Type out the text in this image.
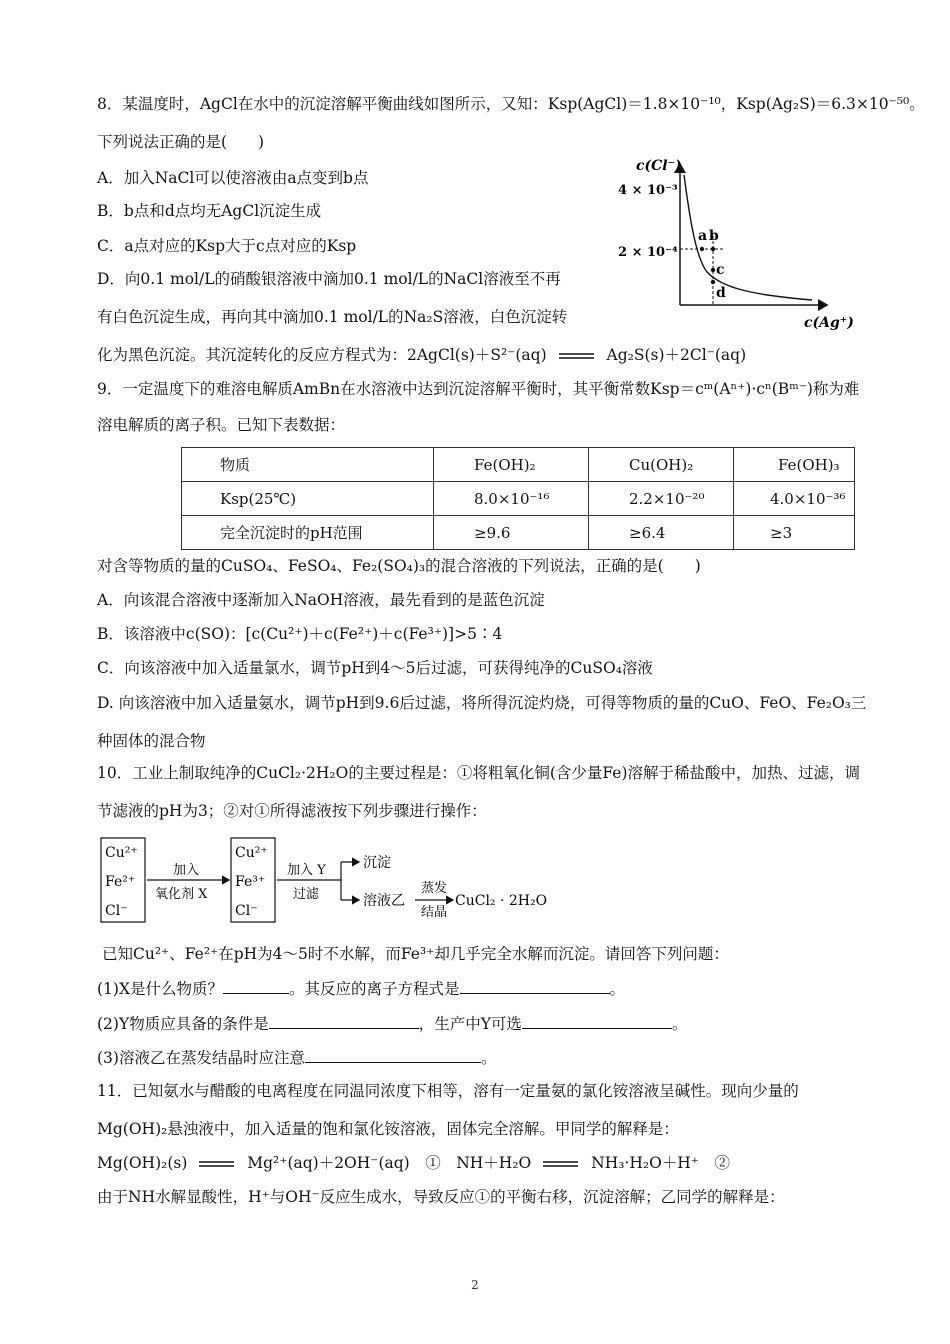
8．某温度时，AgCl在水中的沉淀溶解平衡曲线如图所示，又知：Ksp(AgCl)＝1.8×10⁻¹⁰，Ksp(Ag₂S)＝6.3×10⁻⁵⁰。
下列说法正确的是(　　)
A．加入NaCl可以使溶液由a点变到b点
B．b点和d点均无AgCl沉淀生成
C．a点对应的Ksp大于c点对应的Ksp
D．向0.1 mol/L的硝酸银溶液中滴加0.1 mol/L的NaCl溶液至不再
有白色沉淀生成，再向其中滴加0.1 mol/L的Na₂S溶液，白色沉淀转
化为黑色沉淀。其沉淀转化的反应方程式为：2AgCl(s)＋S²⁻(aq)	Ag₂S(s)＋2Cl⁻(aq)
c(Cl⁻)
4 × 10⁻³
2 × 10⁻⁴
c(Ag⁺)
a b
c
d
9．一定温度下的难溶电解质AmBn在水溶液中达到沉淀溶解平衡时，其平衡常数Ksp＝cᵐ(Aⁿ⁺)·cⁿ(Bᵐ⁻)称为难
溶电解质的离子积。已知下表数据：
物质	Fe(OH)₂	Cu(OH)₂	Fe(OH)₃
Ksp(25℃)	8.0×10⁻¹⁶	2.2×10⁻²⁰	4.0×10⁻³⁶
完全沉淀时的pH范围	≥9.6	≥6.4	≥3
对含等物质的量的CuSO₄、FeSO₄、Fe₂(SO₄)₃的混合溶液的下列说法，正确的是(　　)
A．向该混合溶液中逐渐加入NaOH溶液，最先看到的是蓝色沉淀
B．该溶液中c(SO)：[c(Cu²⁺)＋c(Fe²⁺)＋c(Fe³⁺)]>5∶4
C．向该溶液中加入适量氯水，调节pH到4～5后过滤，可获得纯净的CuSO₄溶液
D. 向该溶液中加入适量氨水，调节pH到9.6后过滤，将所得沉淀灼烧，可得等物质的量的CuO、FeO、Fe₂O₃三
种固体的混合物
10．工业上制取纯净的CuCl₂·2H₂O的主要过程是：①将粗氧化铜(含少量Fe)溶解于稀盐酸中，加热、过滤，调
节滤液的pH为3；②对①所得滤液按下列步骤进行操作：
Cu²⁺
Fe²⁺
Cl⁻
加入
氧化剂 X
Cu²⁺
Fe³⁺
Cl⁻
加入 Y
过滤
沉淀
溶液乙
蒸发
结晶
CuCl₂ · 2H₂O
已知Cu²⁺、Fe²⁺在pH为4～5时不水解，而Fe³⁺却几乎完全水解而沉淀。请回答下列问题：
(1)X是什么物质？	。其反应的离子方程式是	。
(2)Y物质应具备的条件是	，生产中Y可选	。
(3)溶液乙在蒸发结晶时应注意	。
11．已知氨水与醋酸的电离程度在同温同浓度下相等，溶有一定量氨的氯化铵溶液呈碱性。现向少量的
Mg(OH)₂悬浊液中，加入适量的饱和氯化铵溶液，固体完全溶解。甲同学的解释是：
Mg(OH)₂(s)	Mg²⁺(aq)＋2OH⁻(aq)　①　NH＋H₂O	NH₃·H₂O＋H⁺　②
由于NH水解显酸性，H⁺与OH⁻反应生成水，导致反应①的平衡右移，沉淀溶解；乙同学的解释是：
2
